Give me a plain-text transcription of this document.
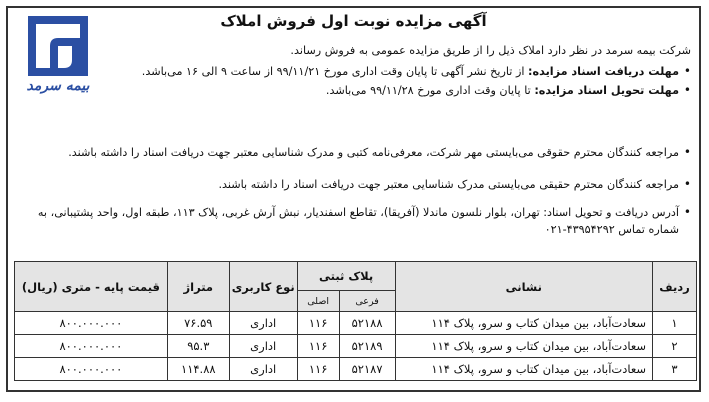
بیمه سرمد
آگهی مزایده نوبت اول فروش املاک
شرکت بیمه سرمد در نظر دارد املاک ذیل را از طریق مزایده عمومی به فروش رساند.
• مهلت دریافت اسناد مزایده: از تاریخ نشر آگهی تا پایان وقت اداری مورخ ۹۹/۱۱/۲۱ از ساعت ۹ الی ۱۶ می‌باشد.
• مهلت تحویل اسناد مزایده: تا پایان وقت اداری مورخ ۹۹/۱۱/۲۸ می‌باشد.
• مراجعه کنندگان محترم حقوقی می‌بایستی مهر شرکت، معرفی‌نامه کتبی و مدرک شناسایی معتبر جهت دریافت اسناد را داشته باشند.
• مراجعه کنندگان محترم حقیقی می‌بایستی مدرک شناسایی معتبر جهت دریافت اسناد را داشته باشند.
• آدرس دریافت و تحویل اسناد: تهران، بلوار نلسون ماندلا (آفریقا)، تقاطع اسفندیار، نبش آرش غربی، پلاک ۱۱۳، طبقه اول، واحد پشتیبانی، به شماره تماس ۴۳۹۵۴۲۹۲-۰۲۱
ردیف	نشانی	پلاک ثبتی		نوع کاربری	متراژ	قیمت پایه - متری (ریال)
		فرعی	اصلی			
۱	سعادت‌آباد، بین میدان کتاب و سرو، پلاک ۱۱۴	۵۲۱۸۸	۱۱۶	اداری	۷۶.۵۹	۸۰۰.۰۰۰.۰۰۰
۲	سعادت‌آباد، بین میدان کتاب و سرو، پلاک ۱۱۴	۵۲۱۸۹	۱۱۶	اداری	۹۵.۳	۸۰۰.۰۰۰.۰۰۰
۳	سعادت‌آباد، بین میدان کتاب و سرو، پلاک ۱۱۴	۵۲۱۸۷	۱۱۶	اداری	۱۱۴.۸۸	۸۰۰.۰۰۰.۰۰۰
